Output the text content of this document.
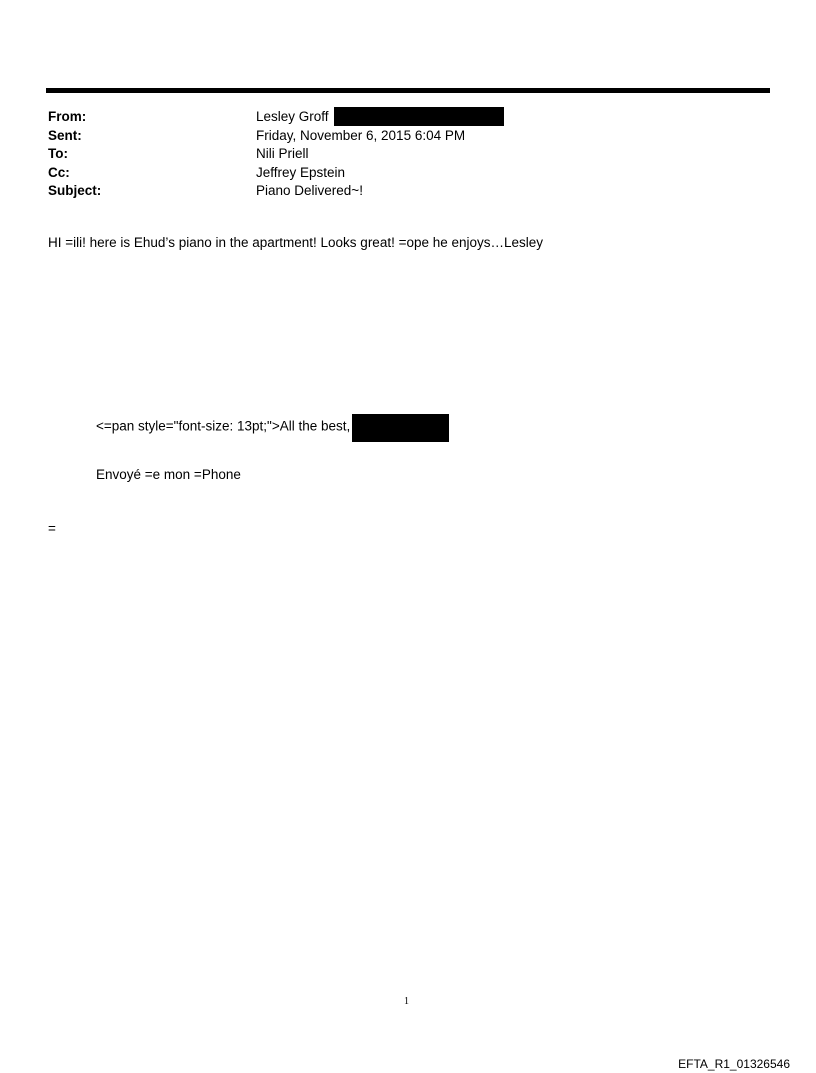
From:	Lesley Groff
Sent:	Friday, November 6, 2015 6:04 PM
To:	Nili Priell
Cc:	Jeffrey Epstein
Subject:	Piano Delivered~!
HI =ili! here is Ehud’s piano in the apartment! Looks great! =ope he enjoys…Lesley
<=pan style="font-size: 13pt;">All the best,
Envoyé =e mon =Phone
=
1
EFTA_R1_01326546
